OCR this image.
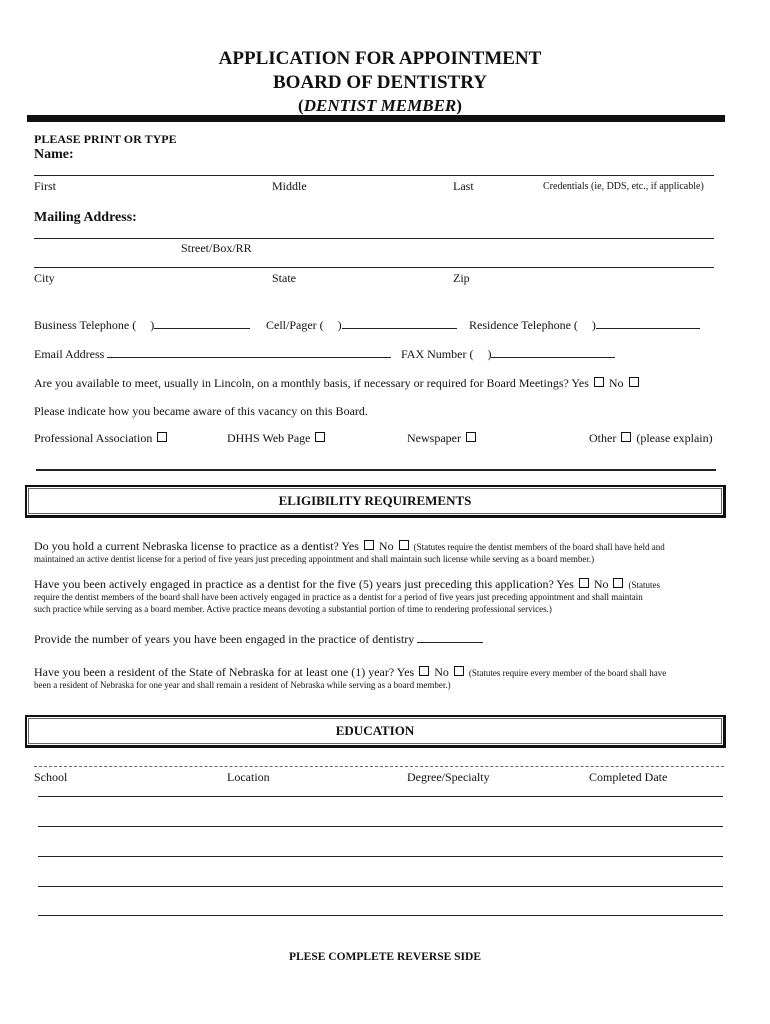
APPLICATION FOR APPOINTMENT
BOARD OF DENTISTRY
(DENTIST MEMBER)
PLEASE PRINT OR TYPE
Name:
First	Middle	Last	Credentials (ie, DDS, etc., if applicable)
Mailing Address:
Street/Box/RR
City	State	Zip
Business Telephone ( )	Cell/Pager ( )	Residence Telephone ( )
Email Address	FAX Number ( )
Are you available to meet, usually in Lincoln, on a monthly basis, if necessary or required for Board Meetings? Yes No
Please indicate how you became aware of this vacancy on this Board.
Professional Association	DHHS Web Page	Newspaper	Other (please explain)
ELIGIBILITY REQUIREMENTS
Do you hold a current Nebraska license to practice as a dentist? Yes No (Statutes require the dentist members of the board shall have held and
maintained an active dentist license for a period of five years just preceding appointment and shall maintain such license while serving as a board member.)
Have you been actively engaged in practice as a dentist for the five (5) years just preceding this application? Yes No (Statutes
require the dentist members of the board shall have been actively engaged in practice as a dentist for a period of five years just preceding appointment and shall maintain
such practice while serving as a board member. Active practice means devoting a substantial portion of time to rendering professional services.)
Provide the number of years you have been engaged in the practice of dentistry
Have you been a resident of the State of Nebraska for at least one (1) year? Yes No (Statutes require every member of the board shall have
been a resident of Nebraska for one year and shall remain a resident of Nebraska while serving as a board member.)
EDUCATION
School	Location	Degree/Specialty	Completed Date
PLESE COMPLETE REVERSE SIDE
